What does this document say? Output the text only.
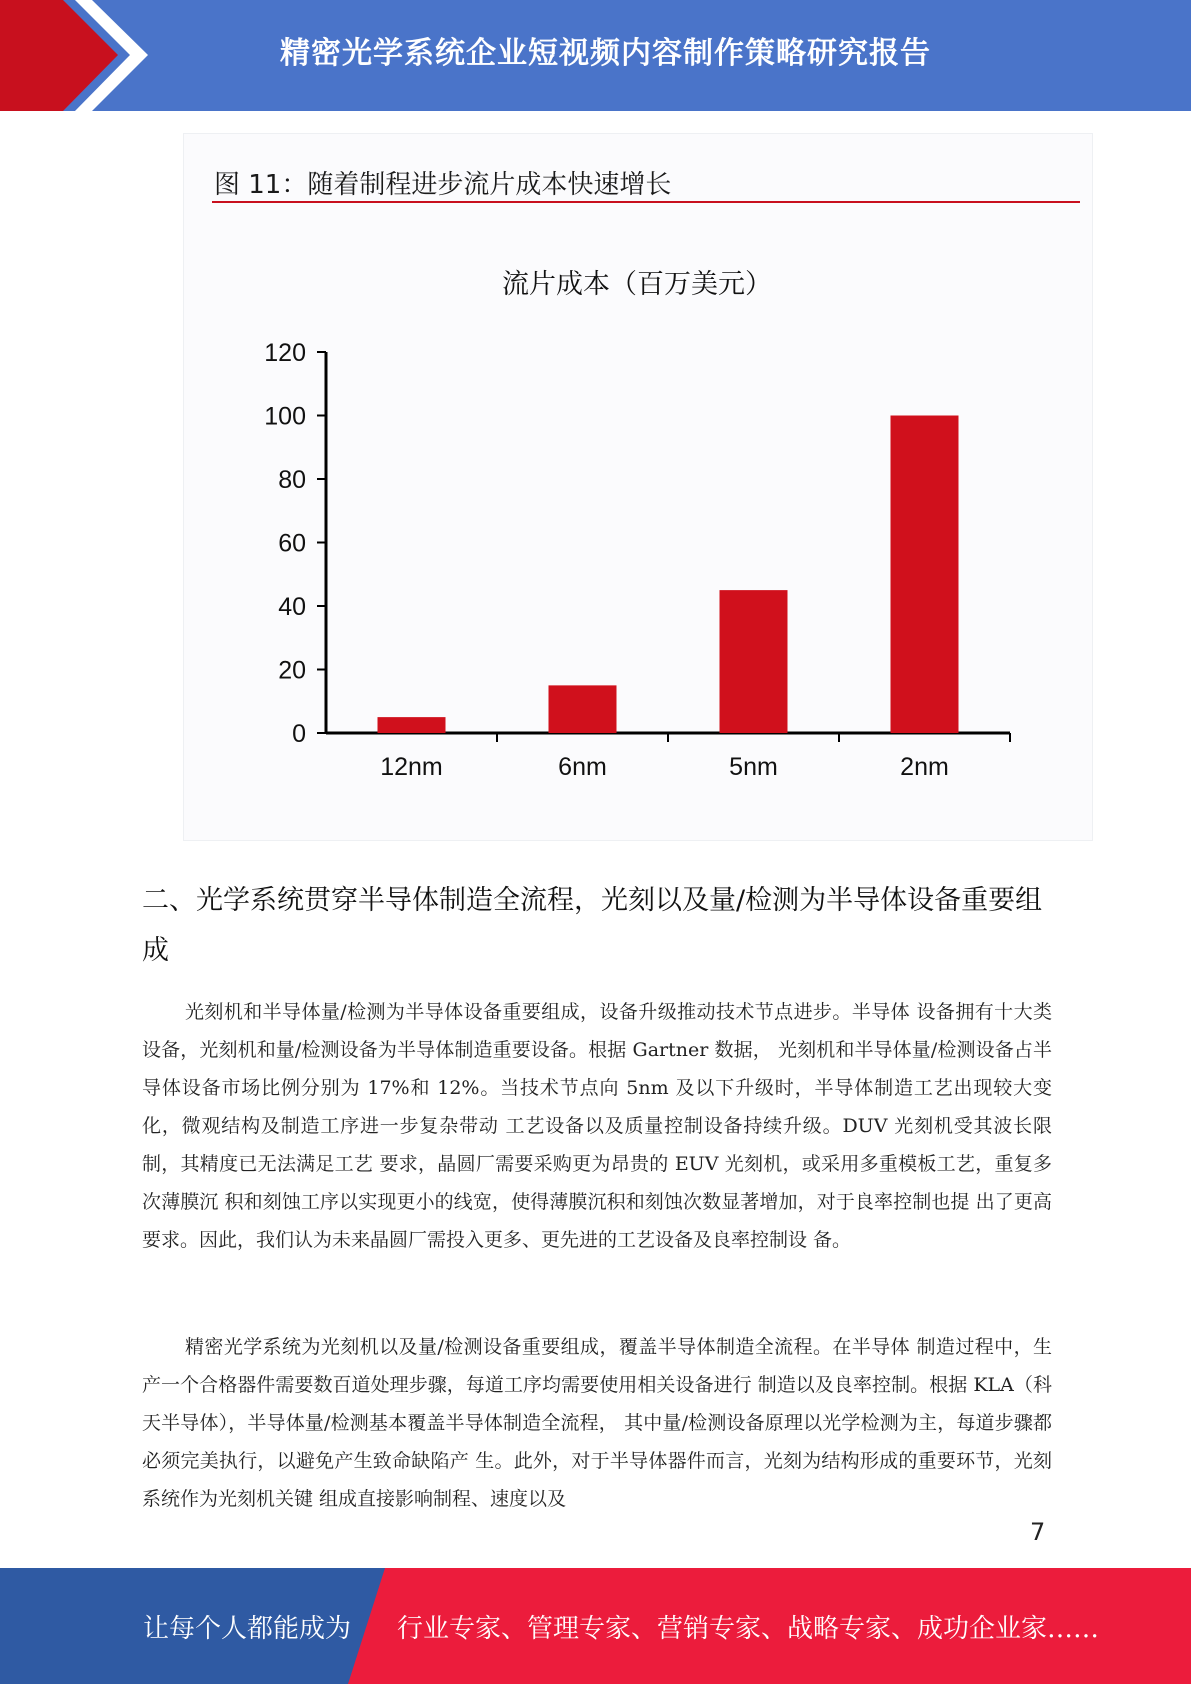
精密光学系统企业短视频内容制作策略研究报告
图 11：随着制程进步流片成本快速增长
流片成本（百万美元）
0
20
40
60
80
100
120
12nm	6nm	5nm	2nm
二、光学系统贯穿半导体制造全流程，光刻以及量/检测为半导体设备重要组成

光刻机和半导体量/检测为半导体设备重要组成，设备升级推动技术节点进步。半导体 设备拥有十大类设备，光刻机和量/检测设备为半导体制造重要设备。根据 Gartner 数据， 光刻机和半导体量/检测设备占半导体设备市场比例分别为 17%和 12%。当技术节点向 5nm 及以下升级时，半导体制造工艺出现较大变化，微观结构及制造工序进一步复杂带动 工艺设备以及质量控制设备持续升级。DUV 光刻机受其波长限制，其精度已无法满足工艺 要求，晶圆厂需要采购更为昂贵的 EUV 光刻机，或采用多重模板工艺，重复多次薄膜沉 积和刻蚀工序以实现更小的线宽，使得薄膜沉积和刻蚀次数显著增加，对于良率控制也提 出了更高要求。因此，我们认为未来晶圆厂需投入更多、更先进的工艺设备及良率控制设 备。

精密光学系统为光刻机以及量/检测设备重要组成，覆盖半导体制造全流程。在半导体 制造过程中，生产一个合格器件需要数百道处理步骤，每道工序均需要使用相关设备进行 制造以及良率控制。根据 KLA（科天半导体），半导体量/检测基本覆盖半导体制造全流程， 其中量/检测设备原理以光学检测为主，每道步骤都必须完美执行，以避免产生致命缺陷产 生。此外，对于半导体器件而言，光刻为结构形成的重要环节，光刻系统作为光刻机关键 组成直接影响制程、速度以及

7
让每个人都能成为 行业专家、管理专家、营销专家、战略专家、成功企业家……
